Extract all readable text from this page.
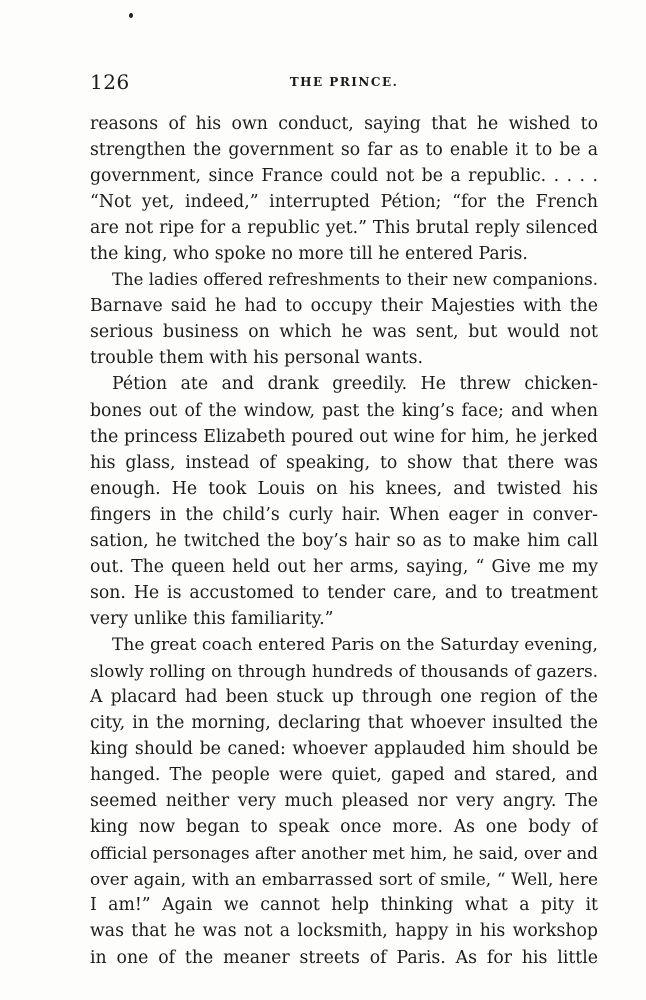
126	THE PRINCE.
reasons of his own conduct, saying that he wished to
strengthen the government so far as to enable it to be a
government, since France could not be a republic. . . . .
“Not yet, indeed,” interrupted Pétion; “for the French
are not ripe for a republic yet.” This brutal reply silenced
the king, who spoke no more till he entered Paris.
The ladies offered refreshments to their new companions.
Barnave said he had to occupy their Majesties with the
serious business on which he was sent, but would not
trouble them with his personal wants.
Pétion ate and drank greedily. He threw chicken-
bones out of the window, past the king’s face; and when
the princess Elizabeth poured out wine for him, he jerked
his glass, instead of speaking, to show that there was
enough. He took Louis on his knees, and twisted his
fingers in the child’s curly hair. When eager in conver-
sation, he twitched the boy’s hair so as to make him call
out. The queen held out her arms, saying, “ Give me my
son. He is accustomed to tender care, and to treatment
very unlike this familiarity.”
The great coach entered Paris on the Saturday evening,
slowly rolling on through hundreds of thousands of gazers.
A placard had been stuck up through one region of the
city, in the morning, declaring that whoever insulted the
king should be caned: whoever applauded him should be
hanged. The people were quiet, gaped and stared, and
seemed neither very much pleased nor very angry. The
king now began to speak once more. As one body of
official personages after another met him, he said, over and
over again, with an embarrassed sort of smile, “ Well, here
I am!” Again we cannot help thinking what a pity it
was that he was not a locksmith, happy in his workshop
in one of the meaner streets of Paris. As for his little
